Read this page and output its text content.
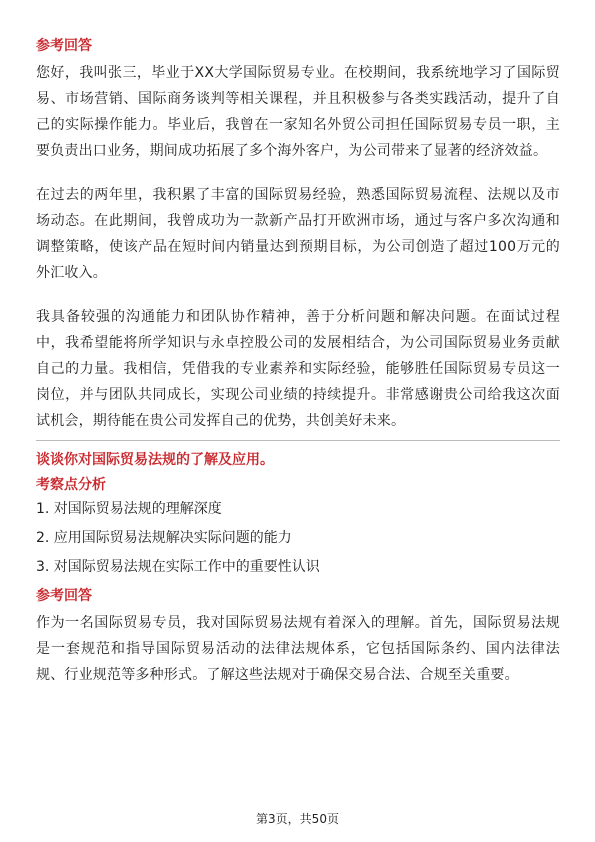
参考回答

您好，我叫张三，毕业于XX大学国际贸易专业。在校期间，我系统地学习了国际贸易、市场营销、国际商务谈判等相关课程，并且积极参与各类实践活动，提升了自己的实际操作能力。毕业后，我曾在一家知名外贸公司担任国际贸易专员一职，主要负责出口业务，期间成功拓展了多个海外客户，为公司带来了显著的经济效益。

在过去的两年里，我积累了丰富的国际贸易经验，熟悉国际贸易流程、法规以及市场动态。在此期间，我曾成功为一款新产品打开欧洲市场，通过与客户多次沟通和调整策略，使该产品在短时间内销量达到预期目标，为公司创造了超过100万元的外汇收入。

我具备较强的沟通能力和团队协作精神，善于分析问题和解决问题。在面试过程中，我希望能将所学知识与永卓控股公司的发展相结合，为公司国际贸易业务贡献自己的力量。我相信，凭借我的专业素养和实际经验，能够胜任国际贸易专员这一岗位，并与团队共同成长，实现公司业绩的持续提升。非常感谢贵公司给我这次面试机会，期待能在贵公司发挥自己的优势，共创美好未来。

谈谈你对国际贸易法规的了解及应用。

考察点分析

1. 对国际贸易法规的理解深度
2. 应用国际贸易法规解决实际问题的能力
3. 对国际贸易法规在实际工作中的重要性认识

参考回答

作为一名国际贸易专员，我对国际贸易法规有着深入的理解。首先，国际贸易法规是一套规范和指导国际贸易活动的法律法规体系，它包括国际条约、国内法律法规、行业规范等多种形式。了解这些法规对于确保交易合法、合规至关重要。

第3页，共50页
